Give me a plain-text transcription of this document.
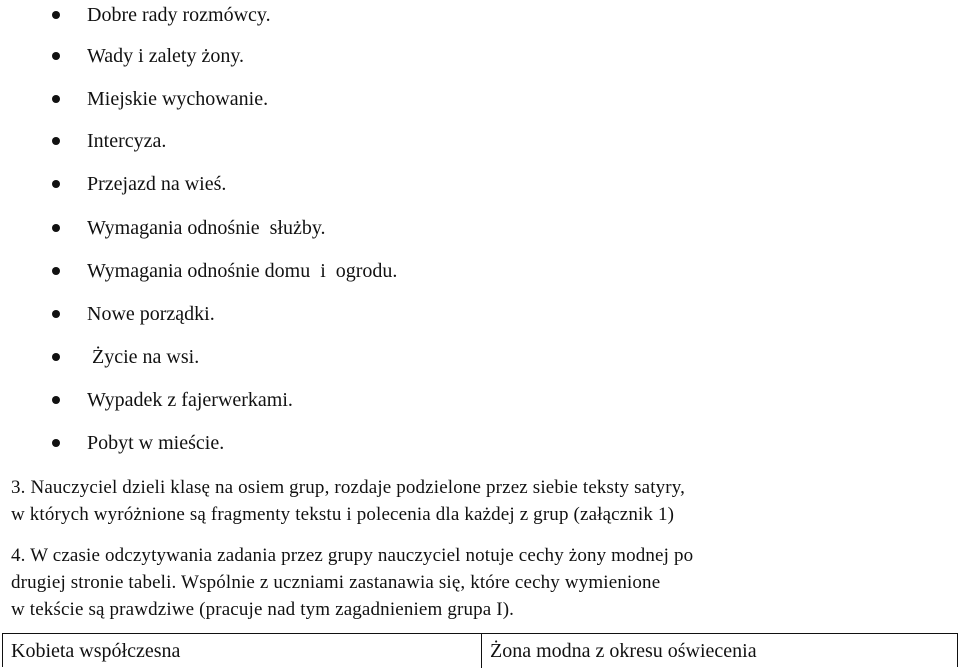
Dobre rady rozmówcy.
Wady i zalety żony.
Miejskie wychowanie.
Intercyza.
Przejazd na wieś.
Wymagania odnośnie  służby.
Wymagania odnośnie domu  i  ogrodu.
Nowe porządki.
Życie na wsi.
Wypadek z fajerwerkami.
Pobyt w mieście.

3. Nauczyciel dzieli klasę na osiem grup, rozdaje podzielone przez siebie teksty satyry,
w których wyróżnione są fragmenty tekstu i polecenia dla każdej z grup (załącznik 1)

4. W czasie odczytywania zadania przez grupy nauczyciel notuje cechy żony modnej po
drugiej stronie tabeli. Wspólnie z uczniami zastanawia się, które cechy wymienione
w tekście są prawdziwe (pracuje nad tym zagadnieniem grupa I).

Kobieta współczesna	Żona modna z okresu oświecenia
